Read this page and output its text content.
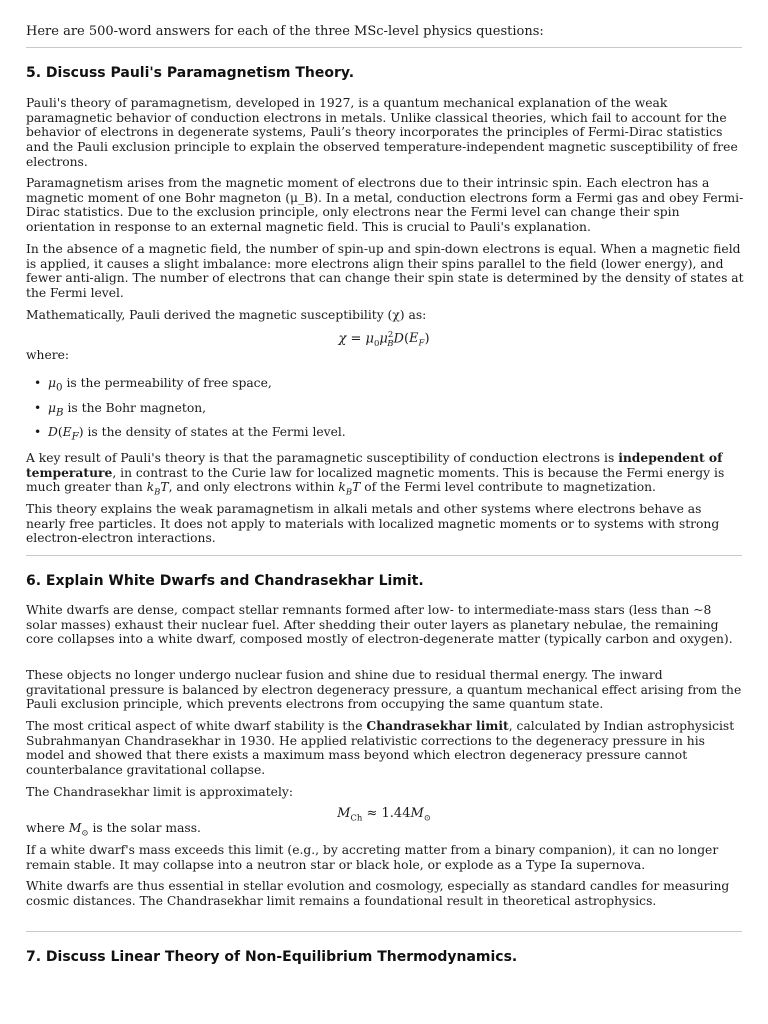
Here are 500-word answers for each of the three MSc-level physics questions:
5. Discuss Pauli's Paramagnetism Theory.

Pauli's theory of paramagnetism, developed in 1927, is a quantum mechanical explanation of the weak paramagnetic behavior of conduction electrons in metals. Unlike classical theories, which fail to account for the behavior of electrons in degenerate systems, Pauli’s theory incorporates the principles of Fermi-Dirac statistics and the Pauli exclusion principle to explain the observed temperature-independent magnetic susceptibility of free electrons.

Paramagnetism arises from the magnetic moment of electrons due to their intrinsic spin. Each electron has a magnetic moment of one Bohr magneton (μ_B). In a metal, conduction electrons form a Fermi gas and obey Fermi-Dirac statistics. Due to the exclusion principle, only electrons near the Fermi level can change their spin orientation in response to an external magnetic field. This is crucial to Pauli's explanation.

In the absence of a magnetic field, the number of spin-up and spin-down electrons is equal. When a magnetic field is applied, it causes a slight imbalance: more electrons align their spins parallel to the field (lower energy), and fewer anti-align. The number of electrons that can change their spin state is determined by the density of states at the Fermi level.

Mathematically, Pauli derived the magnetic susceptibility (χ) as:

$\chi = \mu_0\mu^2_BD(E_F)$

where:

• $\mu_0$ is the permeability of free space,
• $\mu_B$ is the Bohr magneton,
• $D(E_F)$ is the density of states at the Fermi level.

A key result of Pauli's theory is that the paramagnetic susceptibility of conduction electrons is independent of temperature, in contrast to the Curie law for localized magnetic moments. This is because the Fermi energy is much greater than $k_BT$, and only electrons within $k_BT$ of the Fermi level contribute to magnetization.

This theory explains the weak paramagnetism in alkali metals and other systems where electrons behave as nearly free particles. It does not apply to materials with localized magnetic moments or to systems with strong electron-electron interactions.

6. Explain White Dwarfs and Chandrasekhar Limit.

White dwarfs are dense, compact stellar remnants formed after low- to intermediate-mass stars (less than ~8 solar masses) exhaust their nuclear fuel. After shedding their outer layers as planetary nebulae, the remaining core collapses into a white dwarf, composed mostly of electron-degenerate matter (typically carbon and oxygen).

These objects no longer undergo nuclear fusion and shine due to residual thermal energy. The inward gravitational pressure is balanced by electron degeneracy pressure, a quantum mechanical effect arising from the Pauli exclusion principle, which prevents electrons from occupying the same quantum state.

The most critical aspect of white dwarf stability is the Chandrasekhar limit, calculated by Indian astrophysicist Subrahmanyan Chandrasekhar in 1930. He applied relativistic corrections to the degeneracy pressure in his model and showed that there exists a maximum mass beyond which electron degeneracy pressure cannot counterbalance gravitational collapse.

The Chandrasekhar limit is approximately:

$M_{Ch} \approx 1.44M_⊙$

where $M_⊙$ is the solar mass.

If a white dwarf's mass exceeds this limit (e.g., by accreting matter from a binary companion), it can no longer remain stable. It may collapse into a neutron star or black hole, or explode as a Type Ia supernova.

White dwarfs are thus essential in stellar evolution and cosmology, especially as standard candles for measuring cosmic distances. The Chandrasekhar limit remains a foundational result in theoretical astrophysics.

7. Discuss Linear Theory of Non-Equilibrium Thermodynamics.
